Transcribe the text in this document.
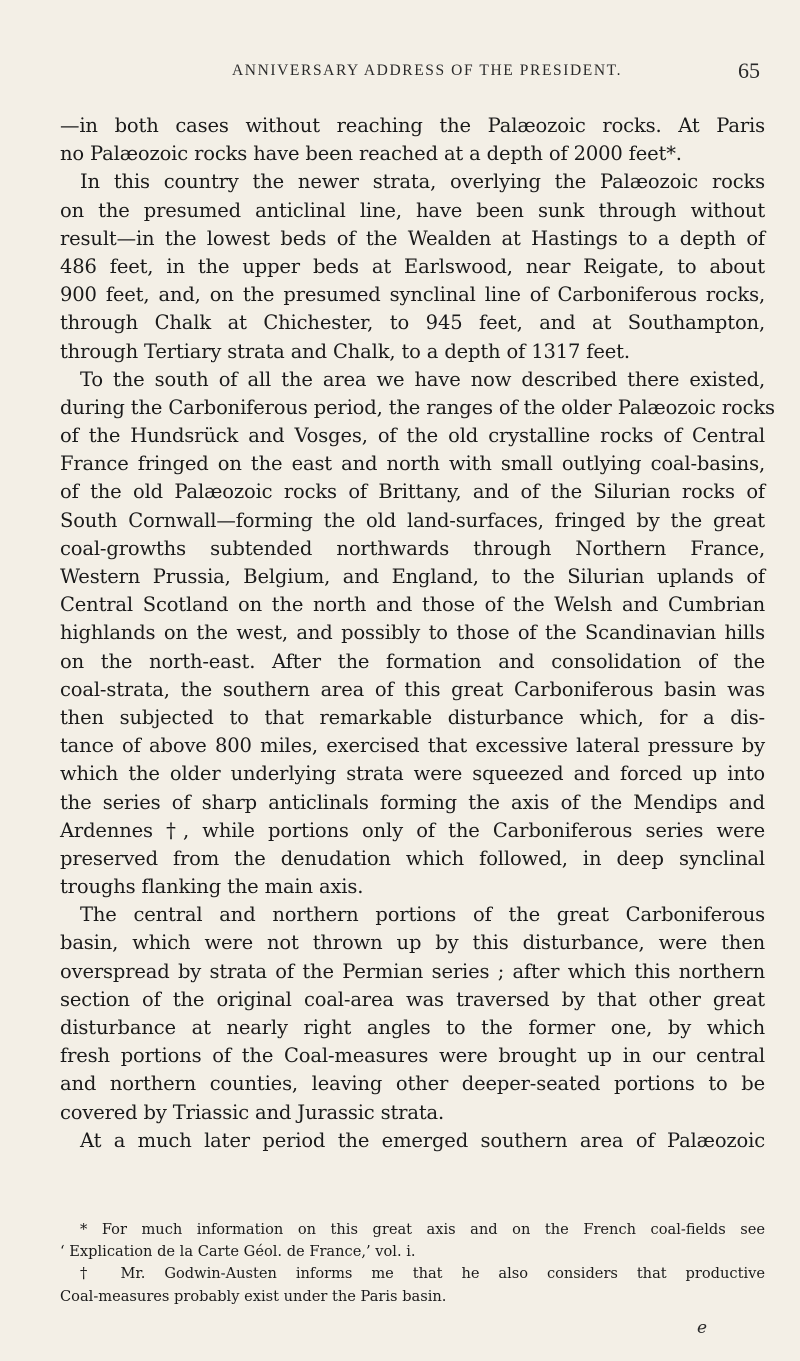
ANNIVERSARY ADDRESS OF THE PRESIDENT.	65
—in both cases without reaching the Palæozoic rocks. At Paris
no Palæozoic rocks have been reached at a depth of 2000 feet*.
In this country the newer strata, overlying the Palæozoic rocks
on the presumed anticlinal line, have been sunk through without
result—in the lowest beds of the Wealden at Hastings to a depth of
486 feet, in the upper beds at Earlswood, near Reigate, to about
900 feet, and, on the presumed synclinal line of Carboniferous rocks,
through Chalk at Chichester, to 945 feet, and at Southampton,
through Tertiary strata and Chalk, to a depth of 1317 feet.
To the south of all the area we have now described there existed,
during the Carboniferous period, the ranges of the older Palæozoic rocks
of the Hundsrück and Vosges, of the old crystalline rocks of Central
France fringed on the east and north with small outlying coal-basins,
of the old Palæozoic rocks of Brittany, and of the Silurian rocks of
South Cornwall—forming the old land-surfaces, fringed by the great
coal-growths subtended northwards through Northern France,
Western Prussia, Belgium, and England, to the Silurian uplands of
Central Scotland on the north and those of the Welsh and Cumbrian
highlands on the west, and possibly to those of the Scandinavian hills
on the north-east. After the formation and consolidation of the
coal-strata, the southern area of this great Carboniferous basin was
then subjected to that remarkable disturbance which, for a dis-
tance of above 800 miles, exercised that excessive lateral pressure by
which the older underlying strata were squeezed and forced up into
the series of sharp anticlinals forming the axis of the Mendips and
Ardennes †, while portions only of the Carboniferous series were
preserved from the denudation which followed, in deep synclinal
troughs flanking the main axis.
The central and northern portions of the great Carboniferous
basin, which were not thrown up by this disturbance, were then
overspread by strata of the Permian series ; after which this northern
section of the original coal-area was traversed by that other great
disturbance at nearly right angles to the former one, by which
fresh portions of the Coal-measures were brought up in our central
and northern counties, leaving other deeper-seated portions to be
covered by Triassic and Jurassic strata.
At a much later period the emerged southern area of Palæozoic
* For much information on this great axis and on the French coal-fields see
‘ Explication de la Carte Géol. de France,’ vol. i.
† Mr. Godwin-Austen informs me that he also considers that productive
Coal-measures probably exist under the Paris basin.
e
